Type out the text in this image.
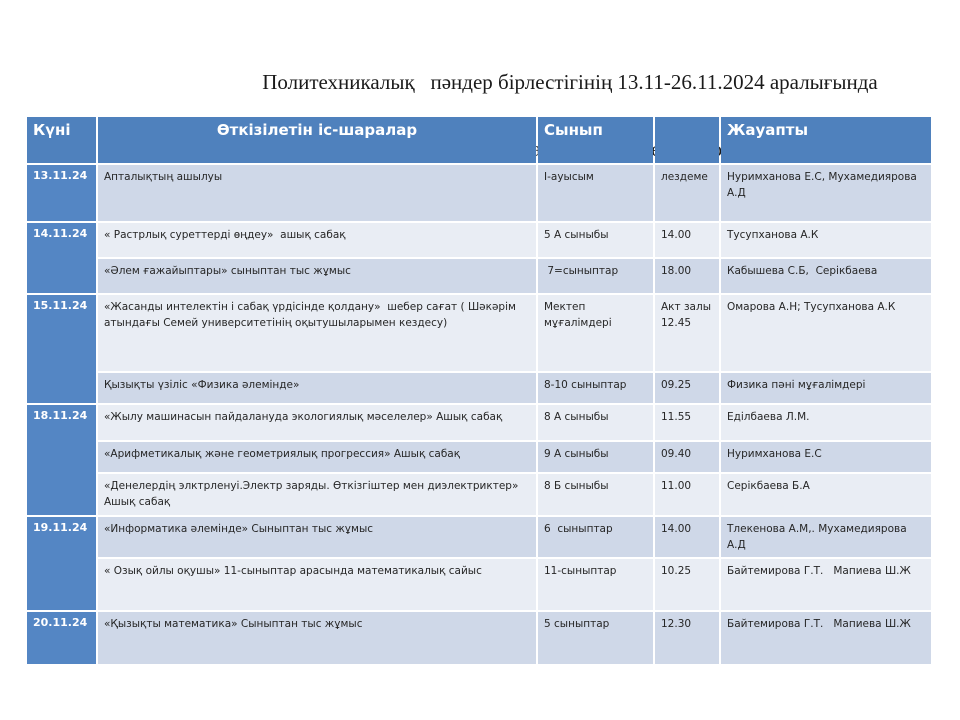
Политехникалық   пәндер бірлестігінің 13.11-26.11.2024 аралығында

Күні	Өткізілетін іс-шаралар	Сынып		Жауапты
13.11.24	Апталықтың ашылуы	І-ауысым	лездеме	Нуримханова Е.С, Мухамедиярова А.Д
14.11.24	« Растрлық суреттерді өңдеу»  ашық сабақ	5 А сыныбы	14.00	Тусупханова А.К
	«Әлем ғажайыптары» сыныптан тыс жұмыс	7=сыныптар	18.00	Кабышева С.Б,  Серікбаева
15.11.24	«Жасанды интелектін і сабақ үрдісінде қолдану»  шебер сағат ( Шәкәрім атындағы Семей университетінің оқытушыларымен кездесу)	Мектеп мұғалімдері	Акт залы 12.45	Омарова А.Н; Тусупханова А.К
	Қызықты үзіліс «Физика әлемінде»	8-10 сыныптар	09.25	Физика пәні мұғалімдері
18.11.24	«Жылу машинасын пайдалануда экологиялық мәселелер» Ашық сабақ	8 А сыныбы	11.55	Еділбаева Л.М.
	«Арифметикалық және геометриялық прогрессия» Ашық сабақ	9 А сыныбы	09.40	Нуримханова Е.С
	«Денелердің элктрленуі.Электр заряды. Өткізгіштер мен диэлектриктер» Ашық сабақ	8 Б сыныбы	11.00	Серікбаева Б.А
19.11.24	«Информатика әлемінде» Сыныптан тыс жұмыс	6  сыныптар	14.00	Тлекенова А.М,. Мухамедиярова А.Д
	« Озық ойлы оқушы» 11-сыныптар арасында математикалық сайыс	11-сыныптар	10.25	Байтемирова Г.Т.   Мапиева Ш.Ж
20.11.24	«Қызықты математика» Сыныптан тыс жұмыс	5 сыныптар	12.30	Байтемирова Г.Т.   Мапиева Ш.Ж
